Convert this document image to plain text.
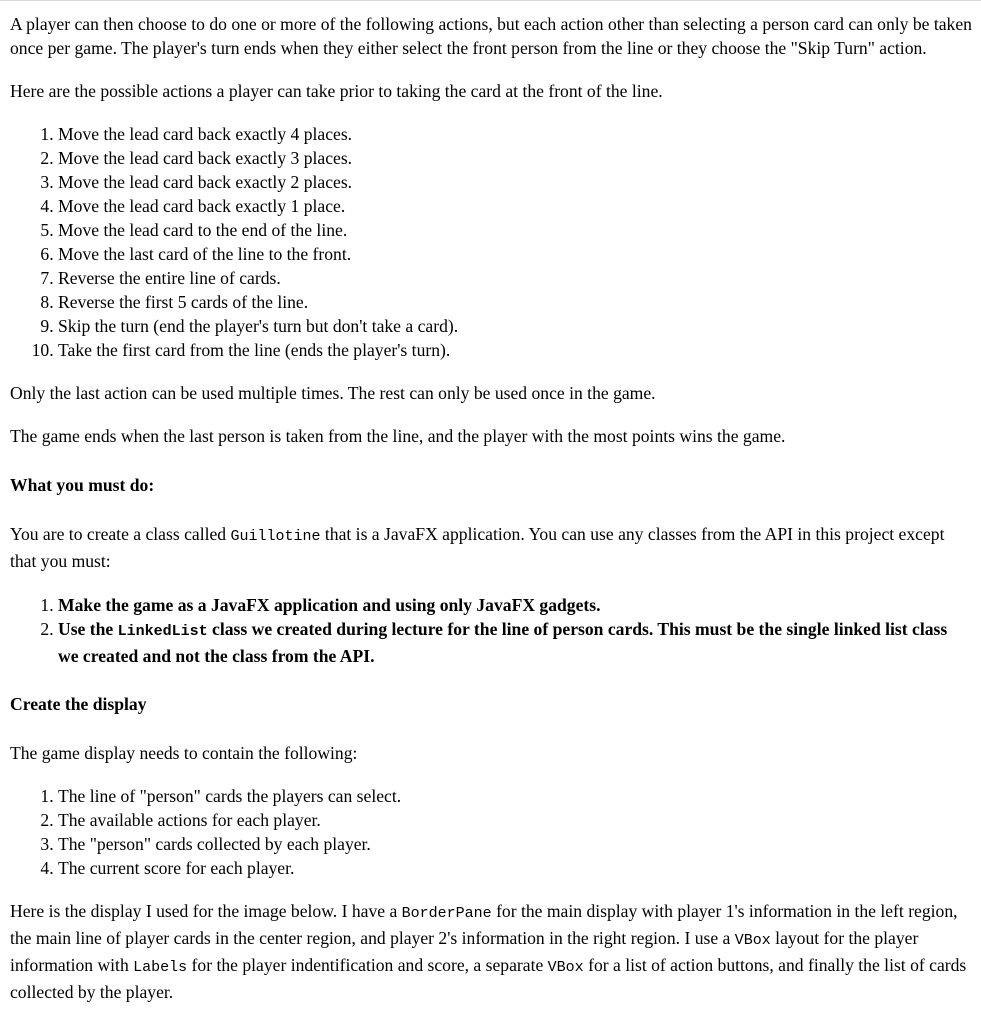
A player can then choose to do one or more of the following actions, but each action other than selecting a person card can only be taken once per game. The player's turn ends when they either select the front person from the line or they choose the "Skip Turn" action.

Here are the possible actions a player can take prior to taking the card at the front of the line.

1. Move the lead card back exactly 4 places.
2. Move the lead card back exactly 3 places.
3. Move the lead card back exactly 2 places.
4. Move the lead card back exactly 1 place.
5. Move the lead card to the end of the line.
6. Move the last card of the line to the front.
7. Reverse the entire line of cards.
8. Reverse the first 5 cards of the line.
9. Skip the turn (end the player's turn but don't take a card).
10. Take the first card from the line (ends the player's turn).

Only the last action can be used multiple times. The rest can only be used once in the game.

The game ends when the last person is taken from the line, and the player with the most points wins the game.

What you must do:

You are to create a class called Guillotine that is a JavaFX application. You can use any classes from the API in this project except that you must:

1. Make the game as a JavaFX application and using only JavaFX gadgets.
2. Use the LinkedList class we created during lecture for the line of person cards. This must be the single linked list class we created and not the class from the API.

Create the display

The game display needs to contain the following:

1. The line of "person" cards the players can select.
2. The available actions for each player.
3. The "person" cards collected by each player.
4. The current score for each player.

Here is the display I used for the image below. I have a BorderPane for the main display with player 1's information in the left region, the main line of player cards in the center region, and player 2's information in the right region. I use a VBox layout for the player information with Labels for the player indentification and score, a separate VBox for a list of action buttons, and finally the list of cards collected by the player.
